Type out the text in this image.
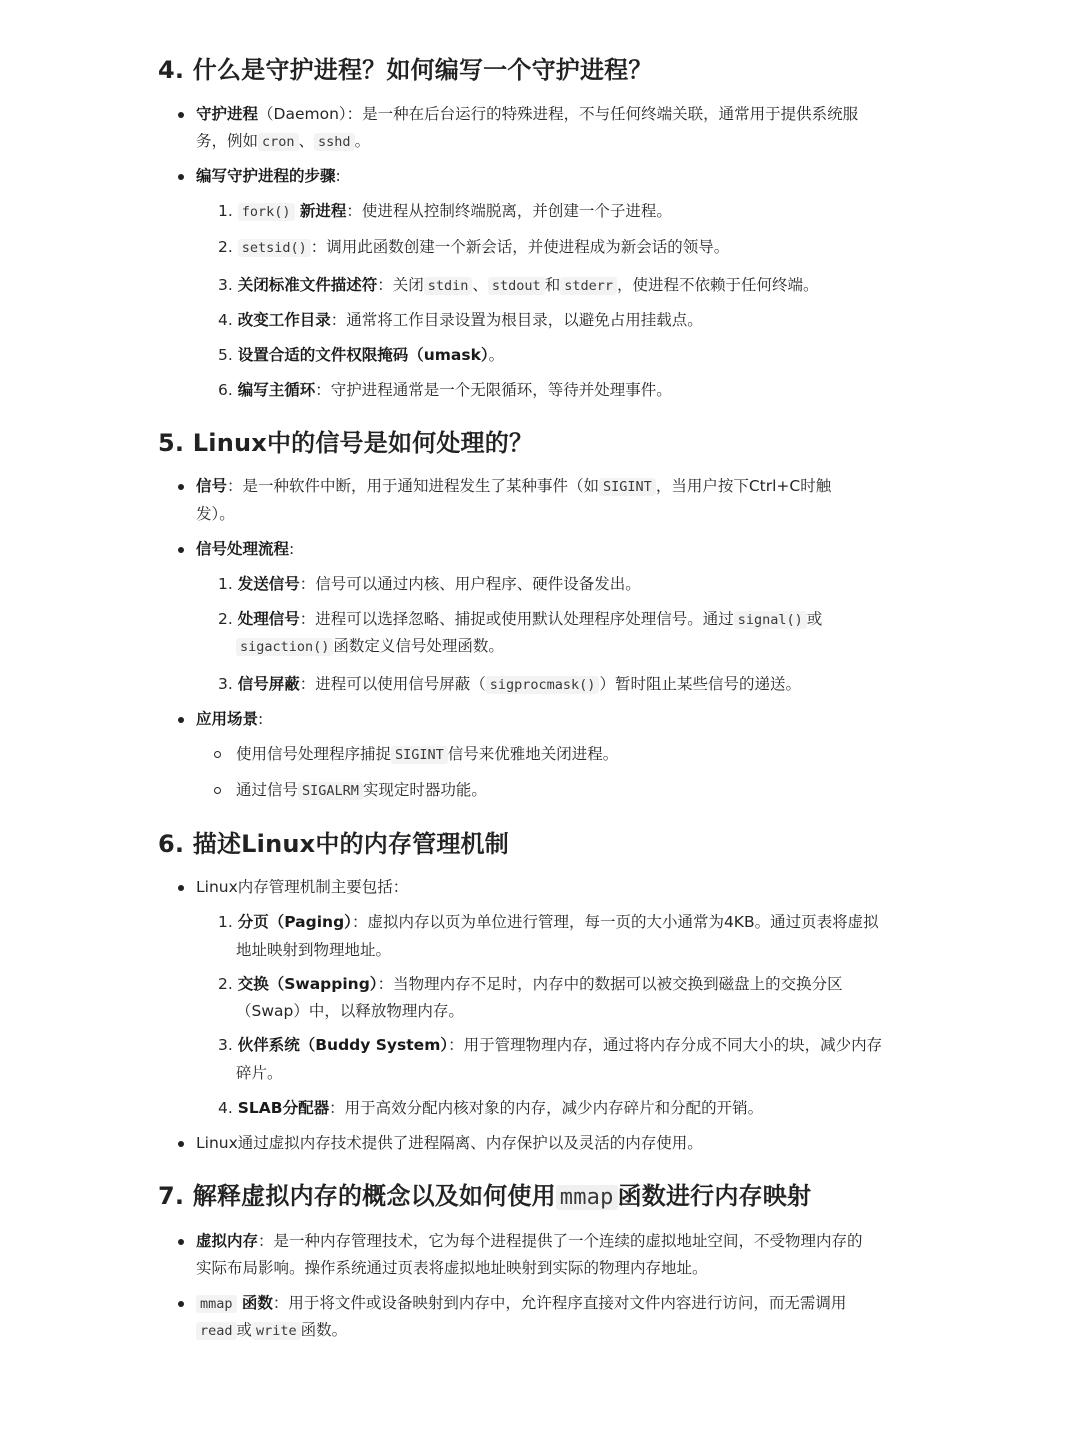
4. 什么是守护进程？如何编写一个守护进程？

守护进程（Daemon）：是一种在后台运行的特殊进程，不与任何终端关联，通常用于提供系统服

务，例如 cron 、 sshd 。

编写守护进程的步骤:

1. fork() 新进程：使进程从控制终端脱离，并创建一个子进程。

2. setsid() ：调用此函数创建一个新会话，并使进程成为新会话的领导。

3. 关闭标准文件描述符：关闭 stdin 、 stdout 和 stderr ，使进程不依赖于任何终端。

4. 改变工作目录：通常将工作目录设置为根目录，以避免占用挂载点。

5. 设置合适的文件权限掩码（umask）。

6. 编写主循环：守护进程通常是一个无限循环，等待并处理事件。

5. Linux中的信号是如何处理的？

信号：是一种软件中断，用于通知进程发生了某种事件（如 SIGINT ，当用户按下Ctrl+C时触

发）。

信号处理流程:

1. 发送信号：信号可以通过内核、用户程序、硬件设备发出。

2. 处理信号：进程可以选择忽略、捕捉或使用默认处理程序处理信号。通过 signal() 或

sigaction() 函数定义信号处理函数。

3. 信号屏蔽：进程可以使用信号屏蔽（ sigprocmask() ）暂时阻止某些信号的递送。

应用场景:

使用信号处理程序捕捉 SIGINT 信号来优雅地关闭进程。

通过信号 SIGALRM 实现定时器功能。

6. 描述Linux中的内存管理机制

Linux内存管理机制主要包括：

1. 分页（Paging）：虚拟内存以页为单位进行管理，每一页的大小通常为4KB。通过页表将虚拟

地址映射到物理地址。

2. 交换（Swapping）：当物理内存不足时，内存中的数据可以被交换到磁盘上的交换分区

（Swap）中，以释放物理内存。

3. 伙伴系统（Buddy System）：用于管理物理内存，通过将内存分成不同大小的块，减少内存

碎片。

4. SLAB分配器：用于高效分配内核对象的内存，减少内存碎片和分配的开销。

Linux通过虚拟内存技术提供了进程隔离、内存保护以及灵活的内存使用。

7. 解释虚拟内存的概念以及如何使用 mmap 函数进行内存映射

虚拟内存：是一种内存管理技术，它为每个进程提供了一个连续的虚拟地址空间，不受物理内存的

实际布局影响。操作系统通过页表将虚拟地址映射到实际的物理内存地址。

mmap 函数：用于将文件或设备映射到内存中，允许程序直接对文件内容进行访问，而无需调用

read 或 write 函数。
